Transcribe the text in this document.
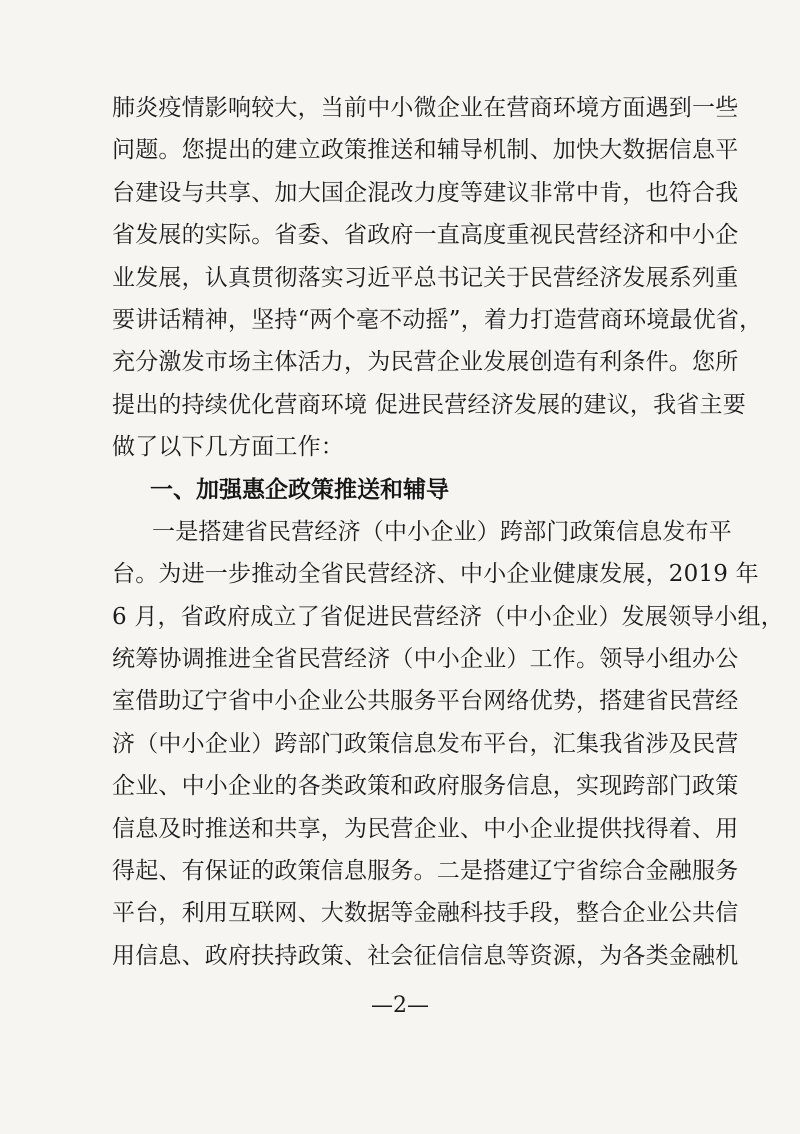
肺炎疫情影响较大，当前中小微企业在营商环境方面遇到一些
问题。您提出的建立政策推送和辅导机制、加快大数据信息平
台建设与共享、加大国企混改力度等建议非常中肯，也符合我
省发展的实际。省委、省政府一直高度重视民营经济和中小企
业发展，认真贯彻落实习近平总书记关于民营经济发展系列重
要讲话精神，坚持“两个毫不动摇”，着力打造营商环境最优省，
充分激发市场主体活力，为民营企业发展创造有利条件。您所
提出的持续优化营商环境 促进民营经济发展的建议，我省主要
做了以下几方面工作：
一、加强惠企政策推送和辅导
一是搭建省民营经济（中小企业）跨部门政策信息发布平
台。为进一步推动全省民营经济、中小企业健康发展，2019 年
6 月，省政府成立了省促进民营经济（中小企业）发展领导小组，
统筹协调推进全省民营经济（中小企业）工作。领导小组办公
室借助辽宁省中小企业公共服务平台网络优势，搭建省民营经
济（中小企业）跨部门政策信息发布平台，汇集我省涉及民营
企业、中小企业的各类政策和政府服务信息，实现跨部门政策
信息及时推送和共享，为民营企业、中小企业提供找得着、用
得起、有保证的政策信息服务。二是搭建辽宁省综合金融服务
平台，利用互联网、大数据等金融科技手段，整合企业公共信
用信息、政府扶持政策、社会征信信息等资源，为各类金融机
—2—
